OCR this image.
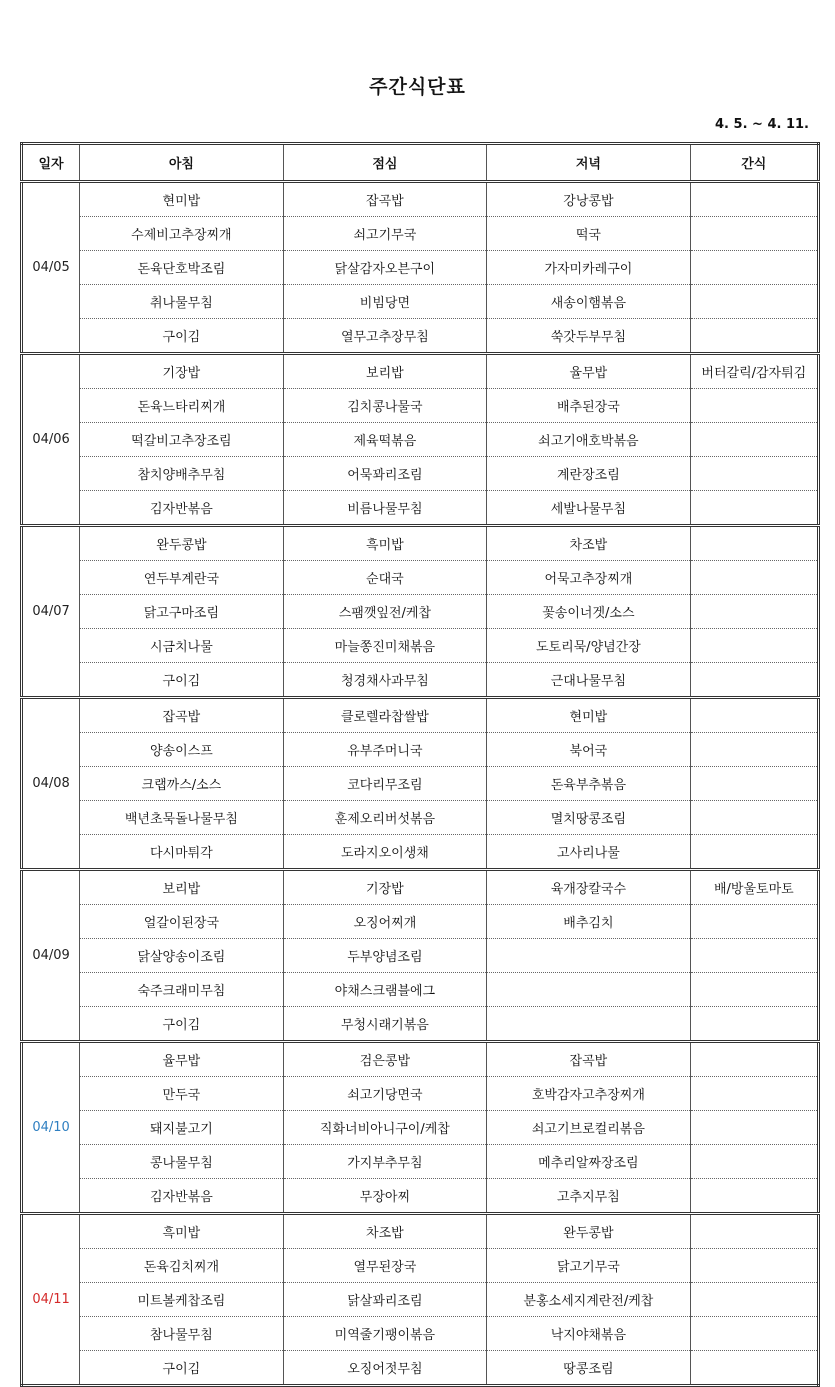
주간식단표
4. 5. ~ 4. 11.
일자	아침	점심	저녁	간식
04/05	현미밥	잡곡밥	강낭콩밥	
	수제비고추장찌개	쇠고기무국	떡국	
	돈육단호박조림	닭살감자오븐구이	가자미카레구이	
	취나물무침	비빔당면	새송이햄볶음	
	구이김	열무고추장무침	쑥갓두부무침	
04/06	기장밥	보리밥	율무밥	버터갈릭/감자튀김
	돈육느타리찌개	김치콩나물국	배추된장국	
	떡갈비고추장조림	제육떡볶음	쇠고기애호박볶음	
	참치양배추무침	어묵꽈리조림	계란장조림	
	김자반볶음	비름나물무침	세발나물무침	
04/07	완두콩밥	흑미밥	차조밥	
	연두부계란국	순대국	어묵고추장찌개	
	닭고구마조림	스팸깻잎전/케찹	꽃송이너겟/소스	
	시금치나물	마늘쫑진미채볶음	도토리묵/양념간장	
	구이김	청경채사과무침	근대나물무침	
04/08	잡곡밥	클로렐라찹쌀밥	현미밥	
	양송이스프	유부주머니국	북어국	
	크랩까스/소스	코다리무조림	돈육부추볶음	
	백년초묵돌나물무침	훈제오리버섯볶음	멸치땅콩조림	
	다시마튀각	도라지오이생채	고사리나물	
04/09	보리밥	기장밥	육개장칼국수	배/방울토마토
	얼갈이된장국	오징어찌개	배추김치	
	닭살양송이조림	두부양념조림		
	숙주크래미무침	야채스크램블에그		
	구이김	무청시래기볶음		
04/10	율무밥	검은콩밥	잡곡밥	
	만두국	쇠고기당면국	호박감자고추장찌개	
	돼지불고기	직화너비아니구이/케찹	쇠고기브로컬리볶음	
	콩나물무침	가지부추무침	메추리알짜장조림	
	김자반볶음	무장아찌	고추지무침	
04/11	흑미밥	차조밥	완두콩밥	
	돈육김치찌개	열무된장국	닭고기무국	
	미트볼케찹조림	닭살꽈리조림	분홍소세지계란전/케찹	
	참나물무침	미역줄기팽이볶음	낙지야채볶음	
	구이김	오징어젓무침	땅콩조림	
